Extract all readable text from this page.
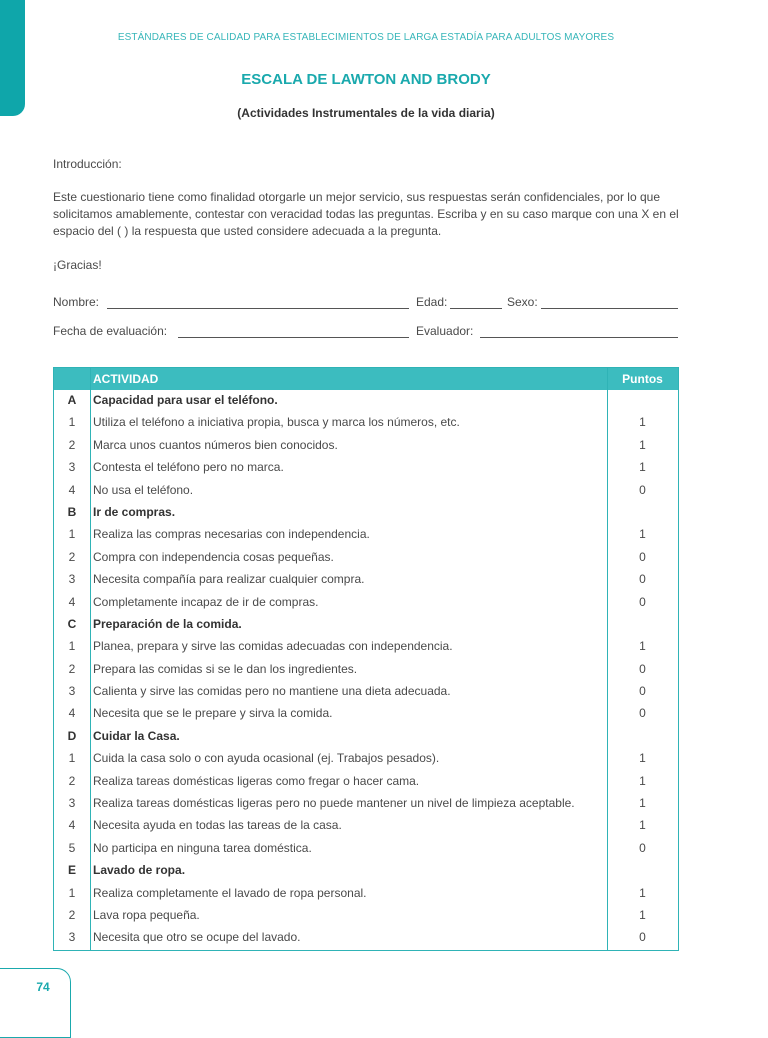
ESTÁNDARES DE CALIDAD PARA ESTABLECIMIENTOS DE LARGA ESTADÍA PARA ADULTOS MAYORES
ESCALA DE LAWTON AND BRODY
(Actividades Instrumentales de la vida diaria)
Introducción:
Este cuestionario tiene como finalidad otorgarle un mejor servicio, sus respuestas serán confidenciales, por lo que solicitamos amablemente, contestar con veracidad todas las preguntas. Escriba y en su caso marque con una X en el espacio del ( ) la respuesta que usted considere adecuada a la pregunta.
¡Gracias!
Nombre:	Edad:	Sexo:
Fecha de evaluación:	Evaluador:
ACTIVIDAD	Puntos
A	Capacidad para usar el teléfono.
1	Utiliza el teléfono a iniciativa propia, busca y marca los números, etc.	1
2	Marca unos cuantos números bien conocidos.	1
3	Contesta el teléfono pero no marca.	1
4	No usa el teléfono.	0
B	Ir de compras.
1	Realiza las compras necesarias con independencia.	1
2	Compra con independencia cosas pequeñas.	0
3	Necesita compañía para realizar cualquier compra.	0
4	Completamente incapaz de ir de compras.	0
C	Preparación de la comida.
1	Planea, prepara y sirve las comidas adecuadas con independencia.	1
2	Prepara las comidas si se le dan los ingredientes.	0
3	Calienta y sirve las comidas pero no mantiene una dieta adecuada.	0
4	Necesita que se le prepare y sirva la comida.	0
D	Cuidar la Casa.
1	Cuida la casa solo o con ayuda ocasional (ej. Trabajos pesados).	1
2	Realiza tareas domésticas ligeras como fregar o hacer cama.	1
3	Realiza tareas domésticas ligeras pero no puede mantener un nivel de limpieza aceptable.	1
4	Necesita ayuda en todas las tareas de la casa.	1
5	No participa en ninguna tarea doméstica.	0
E	Lavado de ropa.
1	Realiza completamente el lavado de ropa personal.	1
2	Lava ropa pequeña.	1
3	Necesita que otro se ocupe del lavado.	0
74
